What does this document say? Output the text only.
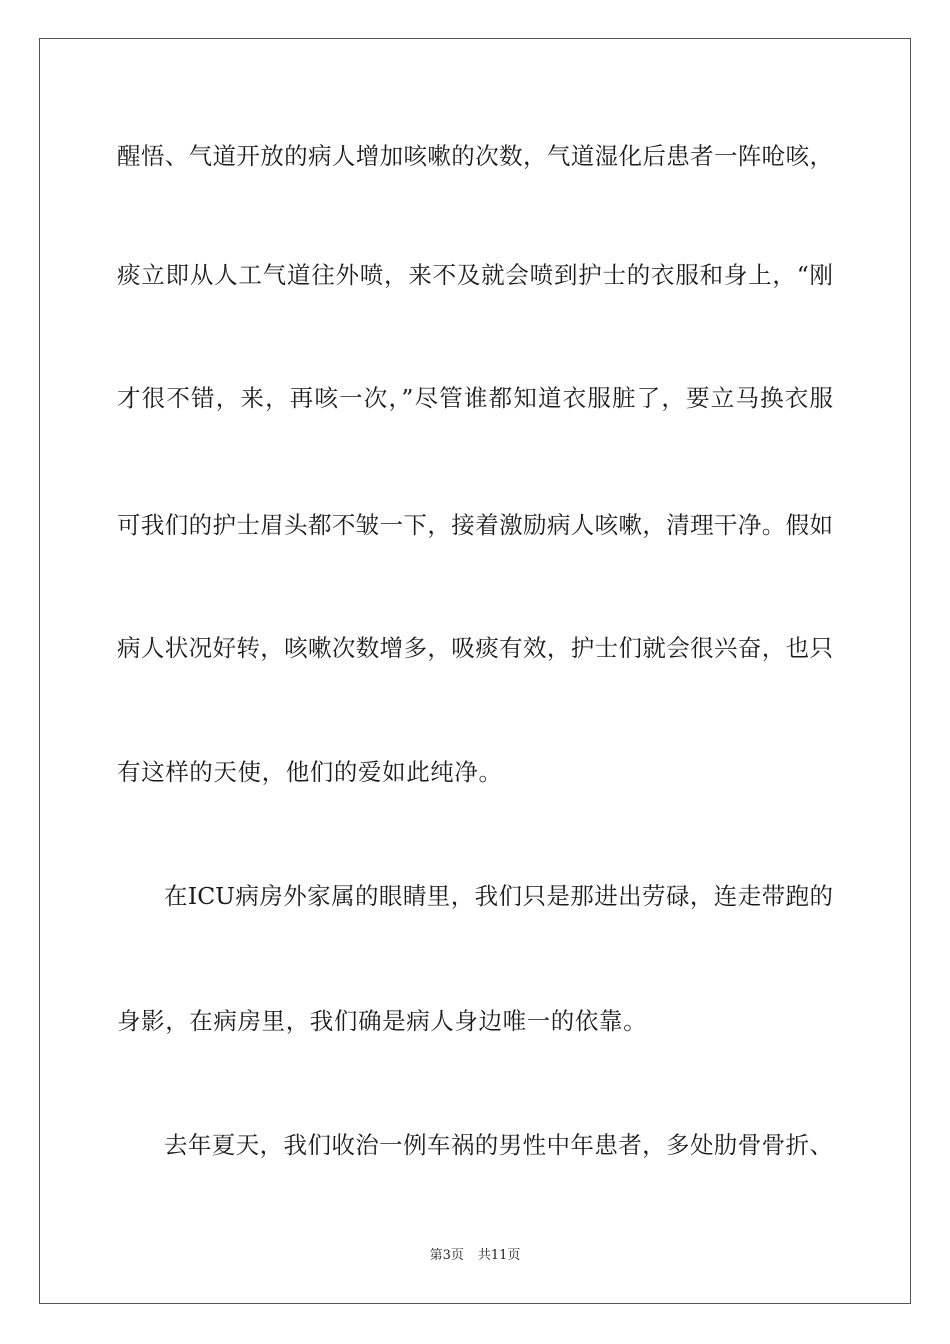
醒悟、气道开放的病人增加咳嗽的次数，气道湿化后患者一阵呛咳，
痰立即从人工气道往外喷，来不及就会喷到护士的衣服和身上，“刚
才很不错，来，再咳一次，”尽管谁都知道衣服脏了，要立马换衣服
可我们的护士眉头都不皱一下，接着激励病人咳嗽，清理干净。假如
病人状况好转，咳嗽次数增多，吸痰有效，护士们就会很兴奋，也只
有这样的天使，他们的爱如此纯净。
在ICU病房外家属的眼睛里，我们只是那进出劳碌，连走带跑的
身影，在病房里，我们确是病人身边唯一的依靠。
去年夏天，我们收治一例车祸的男性中年患者，多处肋骨骨折、
第3页 共11页
